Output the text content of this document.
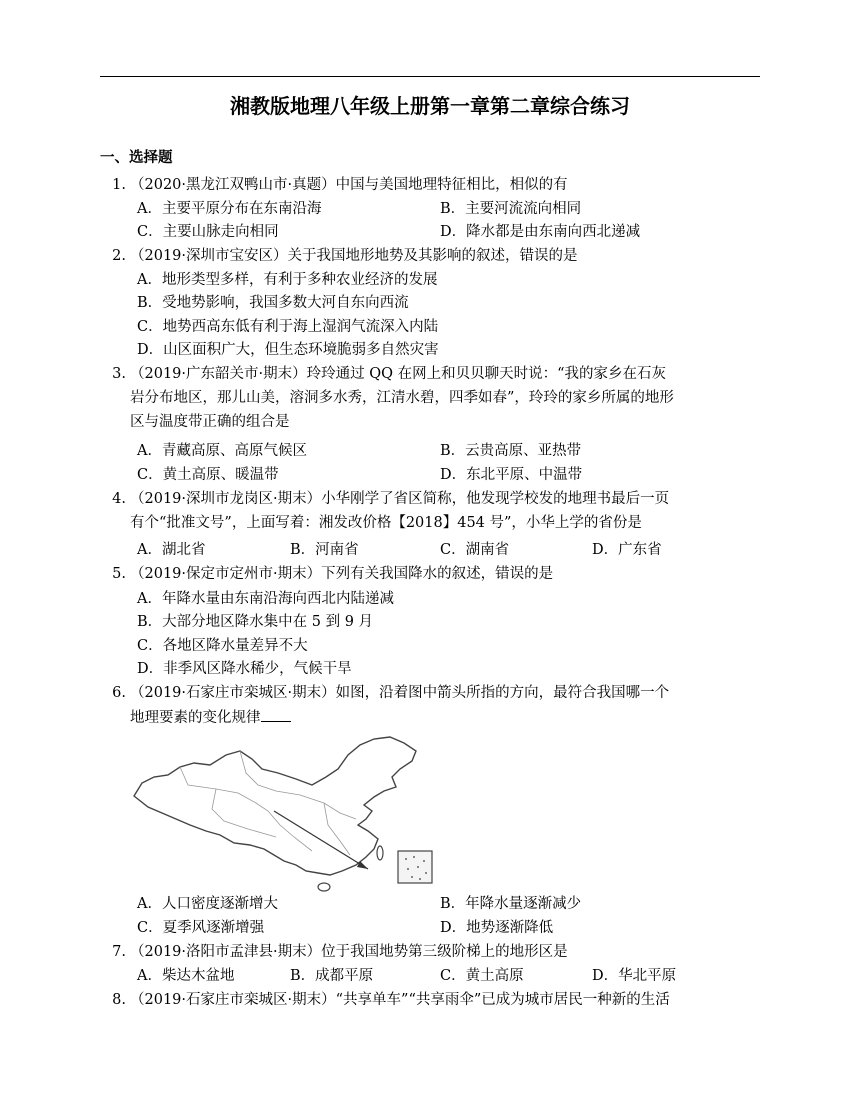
湘教版地理八年级上册第一章第二章综合练习
一、选择题
1. （2020·黑龙江双鸭山市·真题）中国与美国地理特征相比，相似的有
A．主要平原分布在东南沿海	B．主要河流流向相同
C．主要山脉走向相同	D．降水都是由东南向西北递减
2. （2019·深圳市宝安区）关于我国地形地势及其影响的叙述，错误的是
A．地形类型多样，有利于多种农业经济的发展
B．受地势影响，我国多数大河自东向西流
C．地势西高东低有利于海上湿润气流深入内陆
D．山区面积广大，但生态环境脆弱多自然灾害
3. （2019·广东韶关市·期末）玲玲通过 QQ 在网上和贝贝聊天时说：“我的家乡在石灰
岩分布地区，那儿山美，溶洞多水秀，江清水碧，四季如春”，玲玲的家乡所属的地形
区与温度带正确的组合是
A．青藏高原、高原气候区	B．云贵高原、亚热带
C．黄土高原、暖温带	D．东北平原、中温带
4. （2019·深圳市龙岗区·期末）小华刚学了省区简称，他发现学校发的地理书最后一页
有个“批准文号”，上面写着：湘发改价格【2018】454 号”，小华上学的省份是
A．湖北省	B．河南省	C．湖南省	D．广东省
5. （2019·保定市定州市·期末）下列有关我国降水的叙述，错误的是
A．年降水量由东南沿海向西北内陆递减
B．大部分地区降水集中在 5 到 9 月
C．各地区降水量差异不大
D．非季风区降水稀少，气候干旱
6. （2019·石家庄市栾城区·期末）如图，沿着图中箭头所指的方向，最符合我国哪一个
地理要素的变化规律
A．人口密度逐渐增大	B．年降水量逐渐减少
C．夏季风逐渐增强	D．地势逐渐降低
7. （2019·洛阳市孟津县·期末）位于我国地势第三级阶梯上的地形区是
A．柴达木盆地	B．成都平原	C．黄土高原	D．华北平原
8. （2019·石家庄市栾城区·期末）“共享单车”“共享雨伞”已成为城市居民一种新的生活
